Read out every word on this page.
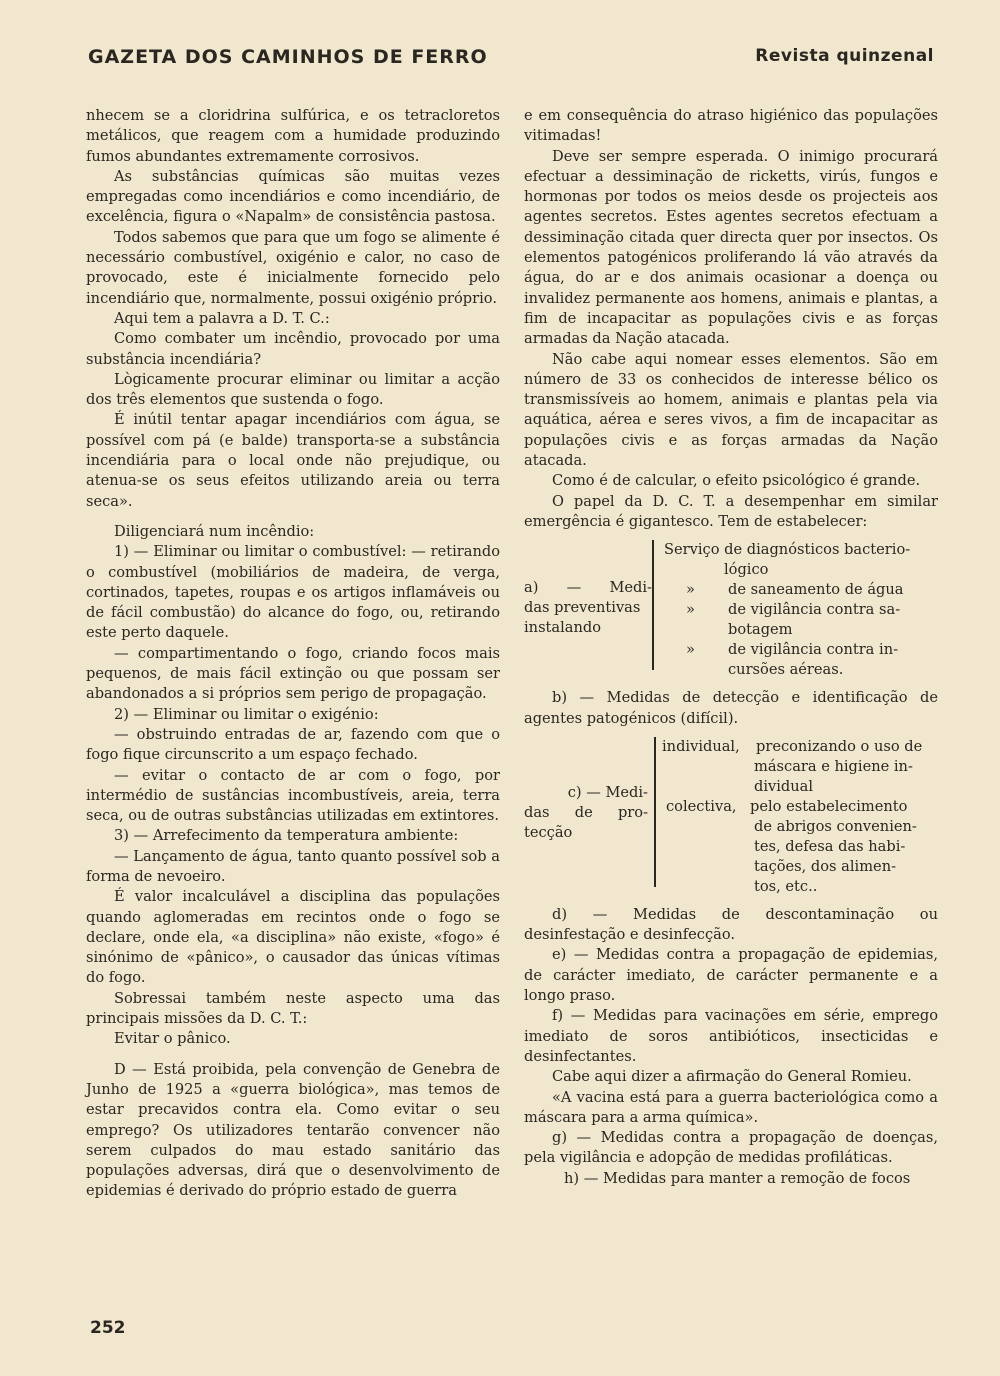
GAZETA DOS CAMINHOS DE FERRO	Revista quinzenal

nhecem se a cloridrina sulfúrica, e os tetracloretos metálicos, que reagem com a humidade produzindo fumos abundantes extremamente corrosivos.

As substâncias químicas são muitas vezes empregadas como incendiários e como incendiário, de excelência, figura o «Napalm» de consistência pastosa.

Todos sabemos que para que um fogo se alimente é necessário combustível, oxigénio e calor, no caso de provocado, este é inicialmente fornecido pelo incendiário que, normalmente, possui oxigénio próprio.

Aqui tem a palavra a D. T. C.:

Como combater um incêndio, provocado por uma substância incendiária?

Lògicamente procurar eliminar ou limitar a acção dos três elementos que sustenda o fogo.

É inútil tentar apagar incendiários com água, se possível com pá (e balde) transporta-se a substância incendiária para o local onde não prejudique, ou atenua-se os seus efeitos utilizando areia ou terra seca».

Diligenciará num incêndio:

1) — Eliminar ou limitar o combustível: — retirando o combustível (mobiliários de madeira, de verga, cortinados, tapetes, roupas e os artigos inflamáveis ou de fácil combustão) do alcance do fogo, ou, retirando este perto daquele.

— compartimentando o fogo, criando focos mais pequenos, de mais fácil extinção ou que possam ser abandonados a si próprios sem perigo de propagação.

2) — Eliminar ou limitar o exigénio:

— obstruindo entradas de ar, fazendo com que o fogo fique circunscrito a um espaço fechado.

— evitar o contacto de ar com o fogo, por intermédio de sustâncias incombustíveis, areia, terra seca, ou de outras substâncias utilizadas em extintores.

3) — Arrefecimento da temperatura ambiente:

— Lançamento de água, tanto quanto possível sob a forma de nevoeiro.

É valor incalculável a disciplina das populações quando aglomeradas em recintos onde o fogo se declare, onde ela, «a disciplina» não existe, «fogo» é sinónimo de «pânico», o causador das únicas vítimas do fogo.

Sobressai também neste aspecto uma das principais missões da D. C. T.:

Evitar o pânico.

D — Está proibida, pela convenção de Genebra de Junho de 1925 a «guerra biológica», mas temos de estar precavidos contra ela. Como evitar o seu emprego? Os utilizadores tentarão convencer não serem culpados do mau estado sanitário das populações adversas, dirá que o desenvolvimento de epidemias é derivado do próprio estado de guerra

e em consequência do atraso higiénico das populações vitimadas!

Deve ser sempre esperada. O inimigo procurará efectuar a dessiminação de ricketts, virús, fungos e hormonas por todos os meios desde os projecteis aos agentes secretos. Estes agentes secretos efectuam a dessiminação citada quer directa quer por insectos. Os elementos patogénicos proliferando lá vão através da água, do ar e dos animais ocasionar a doença ou invalidez permanente aos homens, animais e plantas, a fim de incapacitar as populações civis e as forças armadas da Nação atacada.

Não cabe aqui nomear esses elementos. São em número de 33 os conhecidos de interesse bélico os transmissíveis ao homem, animais e plantas pela via aquática, aérea e seres vivos, a fim de incapacitar as populações civis e as forças armadas da Nação atacada.

Como é de calcular, o efeito psicológico é grande.

O papel da D. C. T. a desempenhar em similar emergência é gigantesco. Tem de estabelecer:

a) — Medi-
das preventivas
instalando
Serviço de diagnósticos bacterio-
lógico
» de saneamento de água
» de vigilância contra sa-
botagem
» de vigilância contra in-
cursões aéreas.

b) — Medidas de detecção e identificação de agentes patogénicos (difícil).

c) — Medi-
das de pro-
tecção
individual, preconizando o uso de
máscara e higiene in-
dividual
colectiva, pelo estabelecimento
de abrigos convenien-
tes, defesa das habi-
tações, dos alimen-
tos, etc..

d) — Medidas de descontaminação ou desinfestação e desinfecção.

e) — Medidas contra a propagação de epidemias, de carácter imediato, de carácter permanente e a longo praso.

f) — Medidas para vacinações em série, emprego imediato de soros antibióticos, insecticidas e desinfectantes.

Cabe aqui dizer a afirmação do General Romieu.

«A vacina está para a guerra bacteriológica como a máscara para a arma química».

g) — Medidas contra a propagação de doenças, pela vigilância e adopção de medidas profiláticas.

h) — Medidas para manter a remoção de focos

252
